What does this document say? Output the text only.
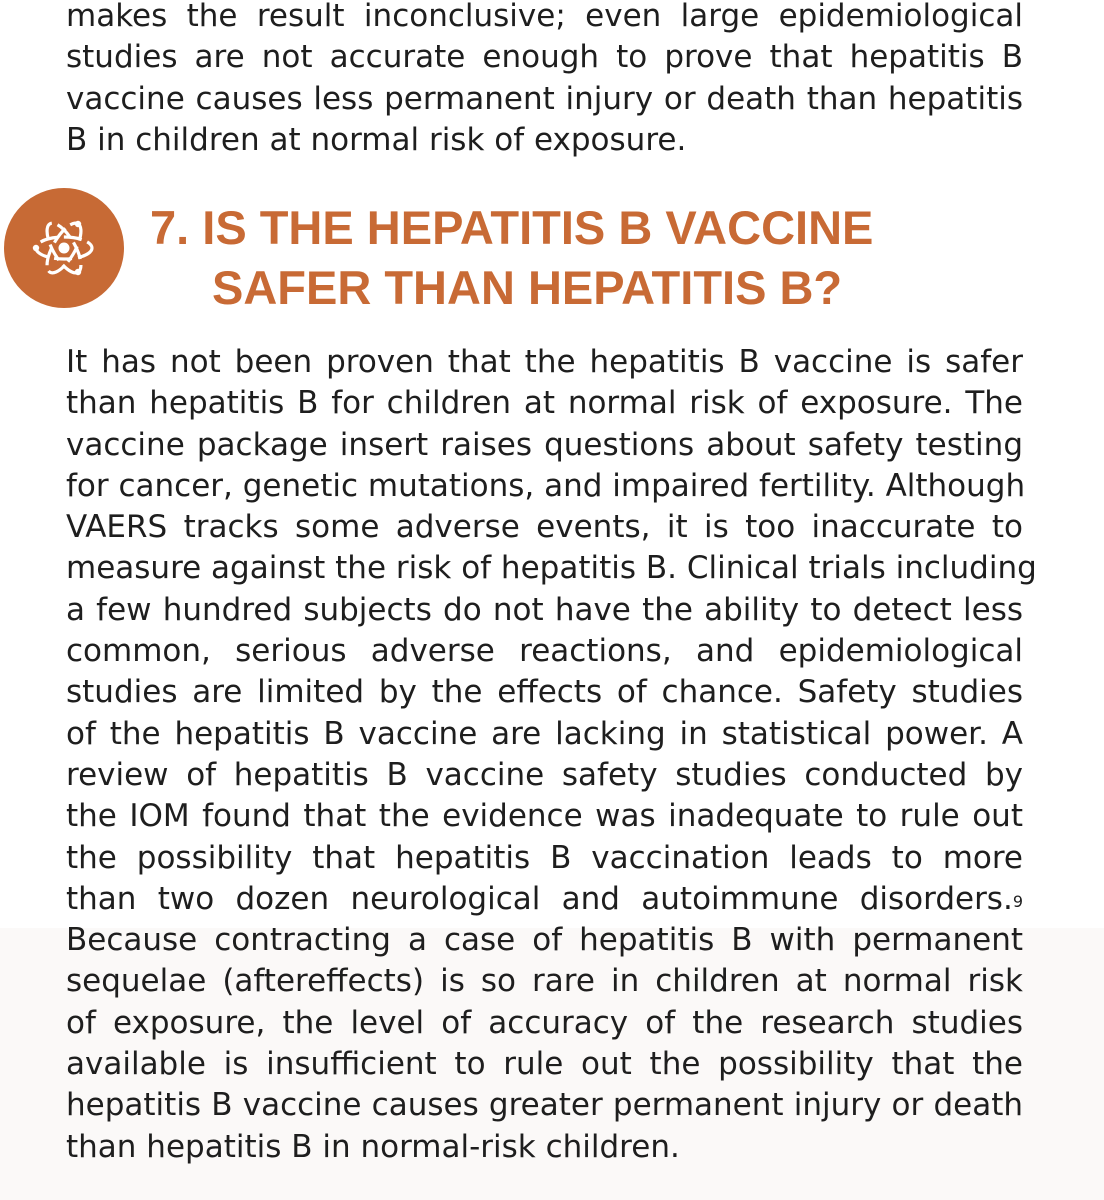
makes the result inconclusive; even large epidemiological
studies are not accurate enough to prove that hepatitis B
vaccine causes less permanent injury or death than hepatitis
B in children at normal risk of exposure.

7. IS THE HEPATITIS B VACCINE
SAFER THAN HEPATITIS B?

It has not been proven that the hepatitis B vaccine is safer
than hepatitis B for children at normal risk of exposure. The
vaccine package insert raises questions about safety testing
for cancer, genetic mutations, and impaired fertility. Although
VAERS tracks some adverse events, it is too inaccurate to
measure against the risk of hepatitis B. Clinical trials including
a few hundred subjects do not have the ability to detect less
common, serious adverse reactions, and epidemiological
studies are limited by the effects of chance. Safety studies
of the hepatitis B vaccine are lacking in statistical power. A
review of hepatitis B vaccine safety studies conducted by
the IOM found that the evidence was inadequate to rule out
the possibility that hepatitis B vaccination leads to more
than two dozen neurological and autoimmune disorders.$^9$
Because contracting a case of hepatitis B with permanent
sequelae (aftereffects) is so rare in children at normal risk
of exposure, the level of accuracy of the research studies
available is insufficient to rule out the possibility that the
hepatitis B vaccine causes greater permanent injury or death
than hepatitis B in normal-risk children.
